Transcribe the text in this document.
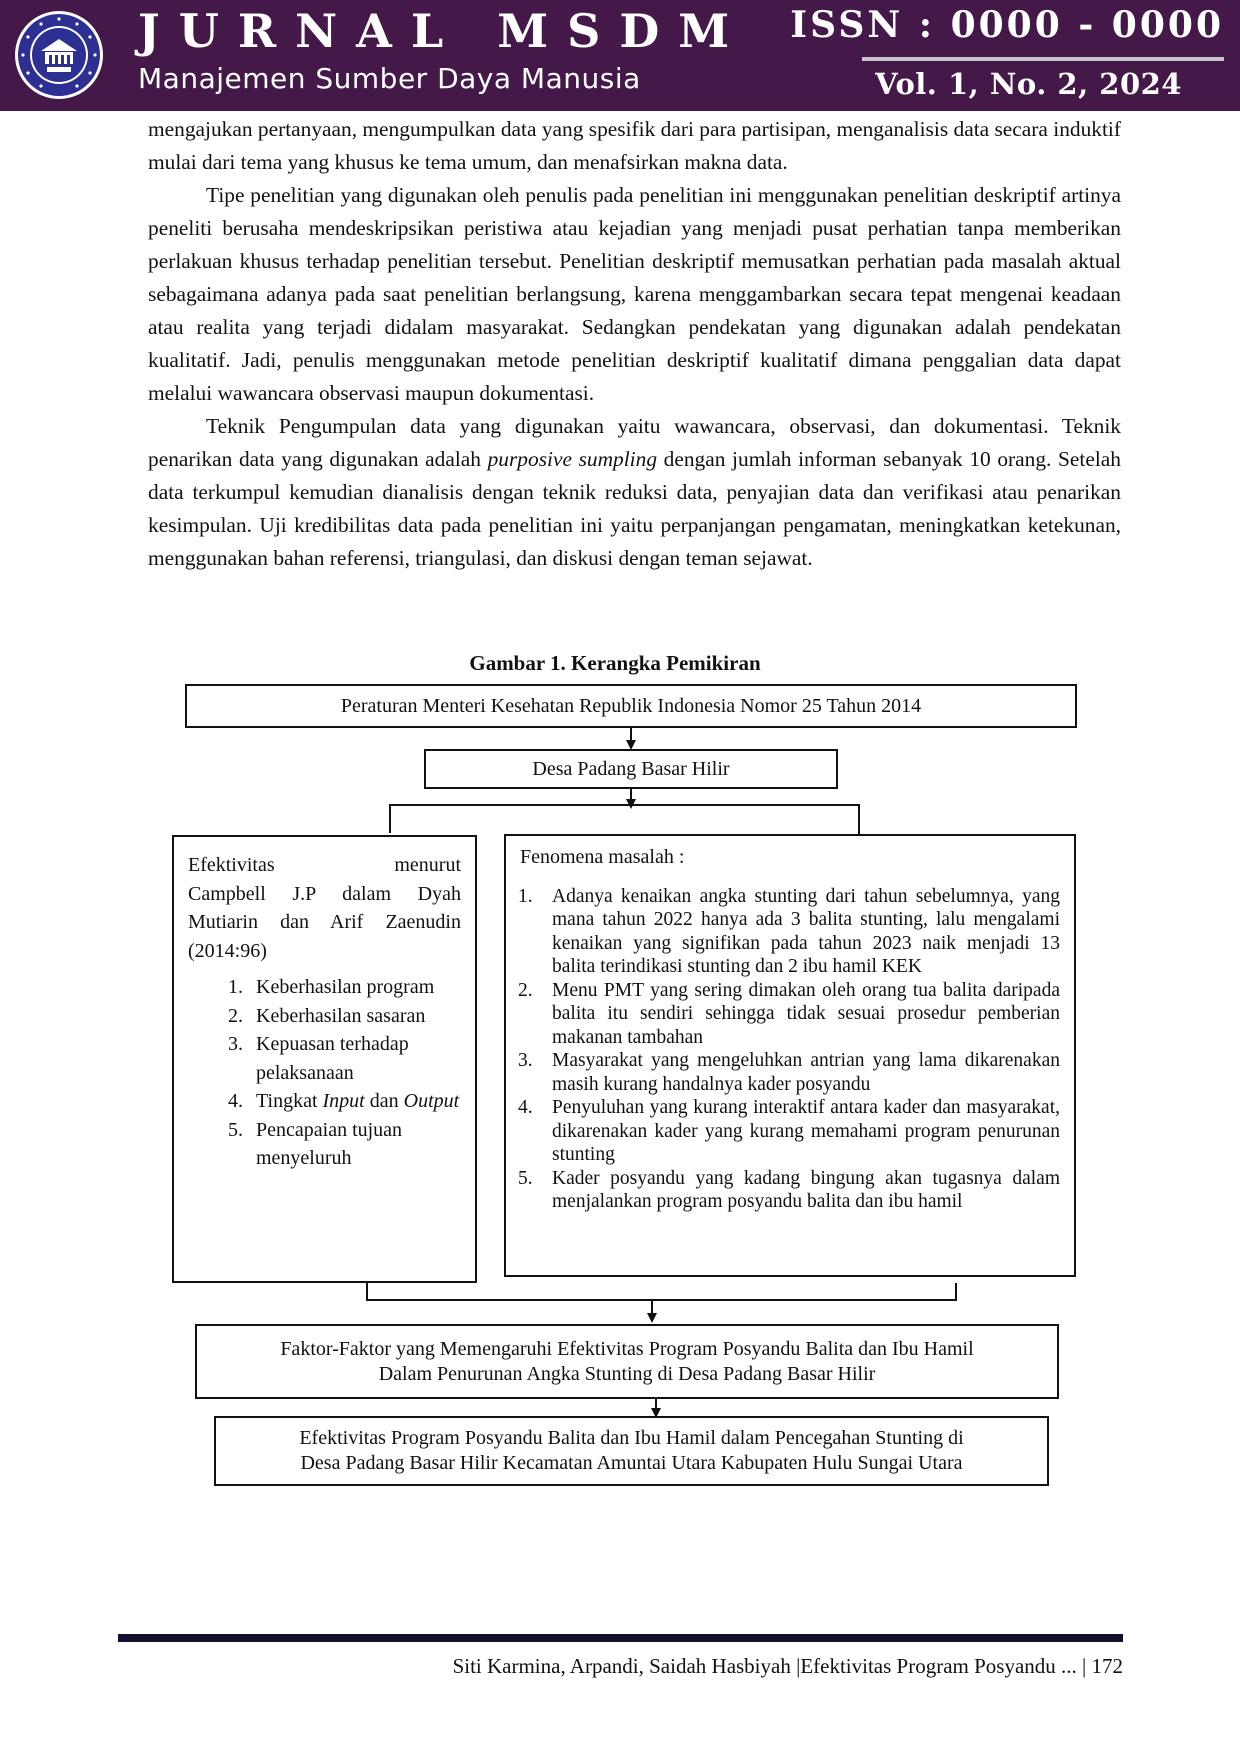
JURNAL MSDM
Manajemen Sumber Daya Manusia
ISSN : 0000 - 0000
Vol. 1, No. 2, 2024

mengajukan pertanyaan, mengumpulkan data yang spesifik dari para partisipan, menganalisis data secara induktif mulai dari tema yang khusus ke tema umum, dan menafsirkan makna data.

Tipe penelitian yang digunakan oleh penulis pada penelitian ini menggunakan penelitian deskriptif artinya peneliti berusaha mendeskripsikan peristiwa atau kejadian yang menjadi pusat perhatian tanpa memberikan perlakuan khusus terhadap penelitian tersebut. Penelitian deskriptif memusatkan perhatian pada masalah aktual sebagaimana adanya pada saat penelitian berlangsung, karena menggambarkan secara tepat mengenai keadaan atau realita yang terjadi didalam masyarakat. Sedangkan pendekatan yang digunakan adalah pendekatan kualitatif. Jadi, penulis menggunakan metode penelitian deskriptif kualitatif dimana penggalian data dapat melalui wawancara observasi maupun dokumentasi.

Teknik Pengumpulan data yang digunakan yaitu wawancara, observasi, dan dokumentasi. Teknik penarikan data yang digunakan adalah purposive sumpling dengan jumlah informan sebanyak 10 orang. Setelah data terkumpul kemudian dianalisis dengan teknik reduksi data, penyajian data dan verifikasi atau penarikan kesimpulan. Uji kredibilitas data pada penelitian ini yaitu perpanjangan pengamatan, meningkatkan ketekunan, menggunakan bahan referensi, triangulasi, dan diskusi dengan teman sejawat.

Gambar 1. Kerangka Pemikiran
Peraturan Menteri Kesehatan Republik Indonesia Nomor 25 Tahun 2014
Desa Padang Basar Hilir
Efektivitas menurut
Campbell J.P dalam Dyah
Mutiarin dan Arif Zaenudin
(2014:96)
1. Keberhasilan program
2. Keberhasilan sasaran
3. Kepuasan terhadap pelaksanaan
4. Tingkat Input dan Output
5. Pencapaian tujuan menyeluruh
Fenomena masalah :
1. Adanya kenaikan angka stunting dari tahun sebelumnya, yang mana tahun 2022 hanya ada 3 balita stunting, lalu mengalami kenaikan yang signifikan pada tahun 2023 naik menjadi 13 balita terindikasi stunting dan 2 ibu hamil KEK
2. Menu PMT yang sering dimakan oleh orang tua balita daripada balita itu sendiri sehingga tidak sesuai prosedur pemberian makanan tambahan
3. Masyarakat yang mengeluhkan antrian yang lama dikarenakan masih kurang handalnya kader posyandu
4. Penyuluhan yang kurang interaktif antara kader dan masyarakat, dikarenakan kader yang kurang memahami program penurunan stunting
5. Kader posyandu yang kadang bingung akan tugasnya dalam menjalankan program posyandu balita dan ibu hamil
Faktor-Faktor yang Memengaruhi Efektivitas Program Posyandu Balita dan Ibu Hamil
Dalam Penurunan Angka Stunting di Desa Padang Basar Hilir
Efektivitas Program Posyandu Balita dan Ibu Hamil dalam Pencegahan Stunting di
Desa Padang Basar Hilir Kecamatan Amuntai Utara Kabupaten Hulu Sungai Utara
Siti Karmina, Arpandi, Saidah Hasbiyah |Efektivitas Program Posyandu ... | 172
